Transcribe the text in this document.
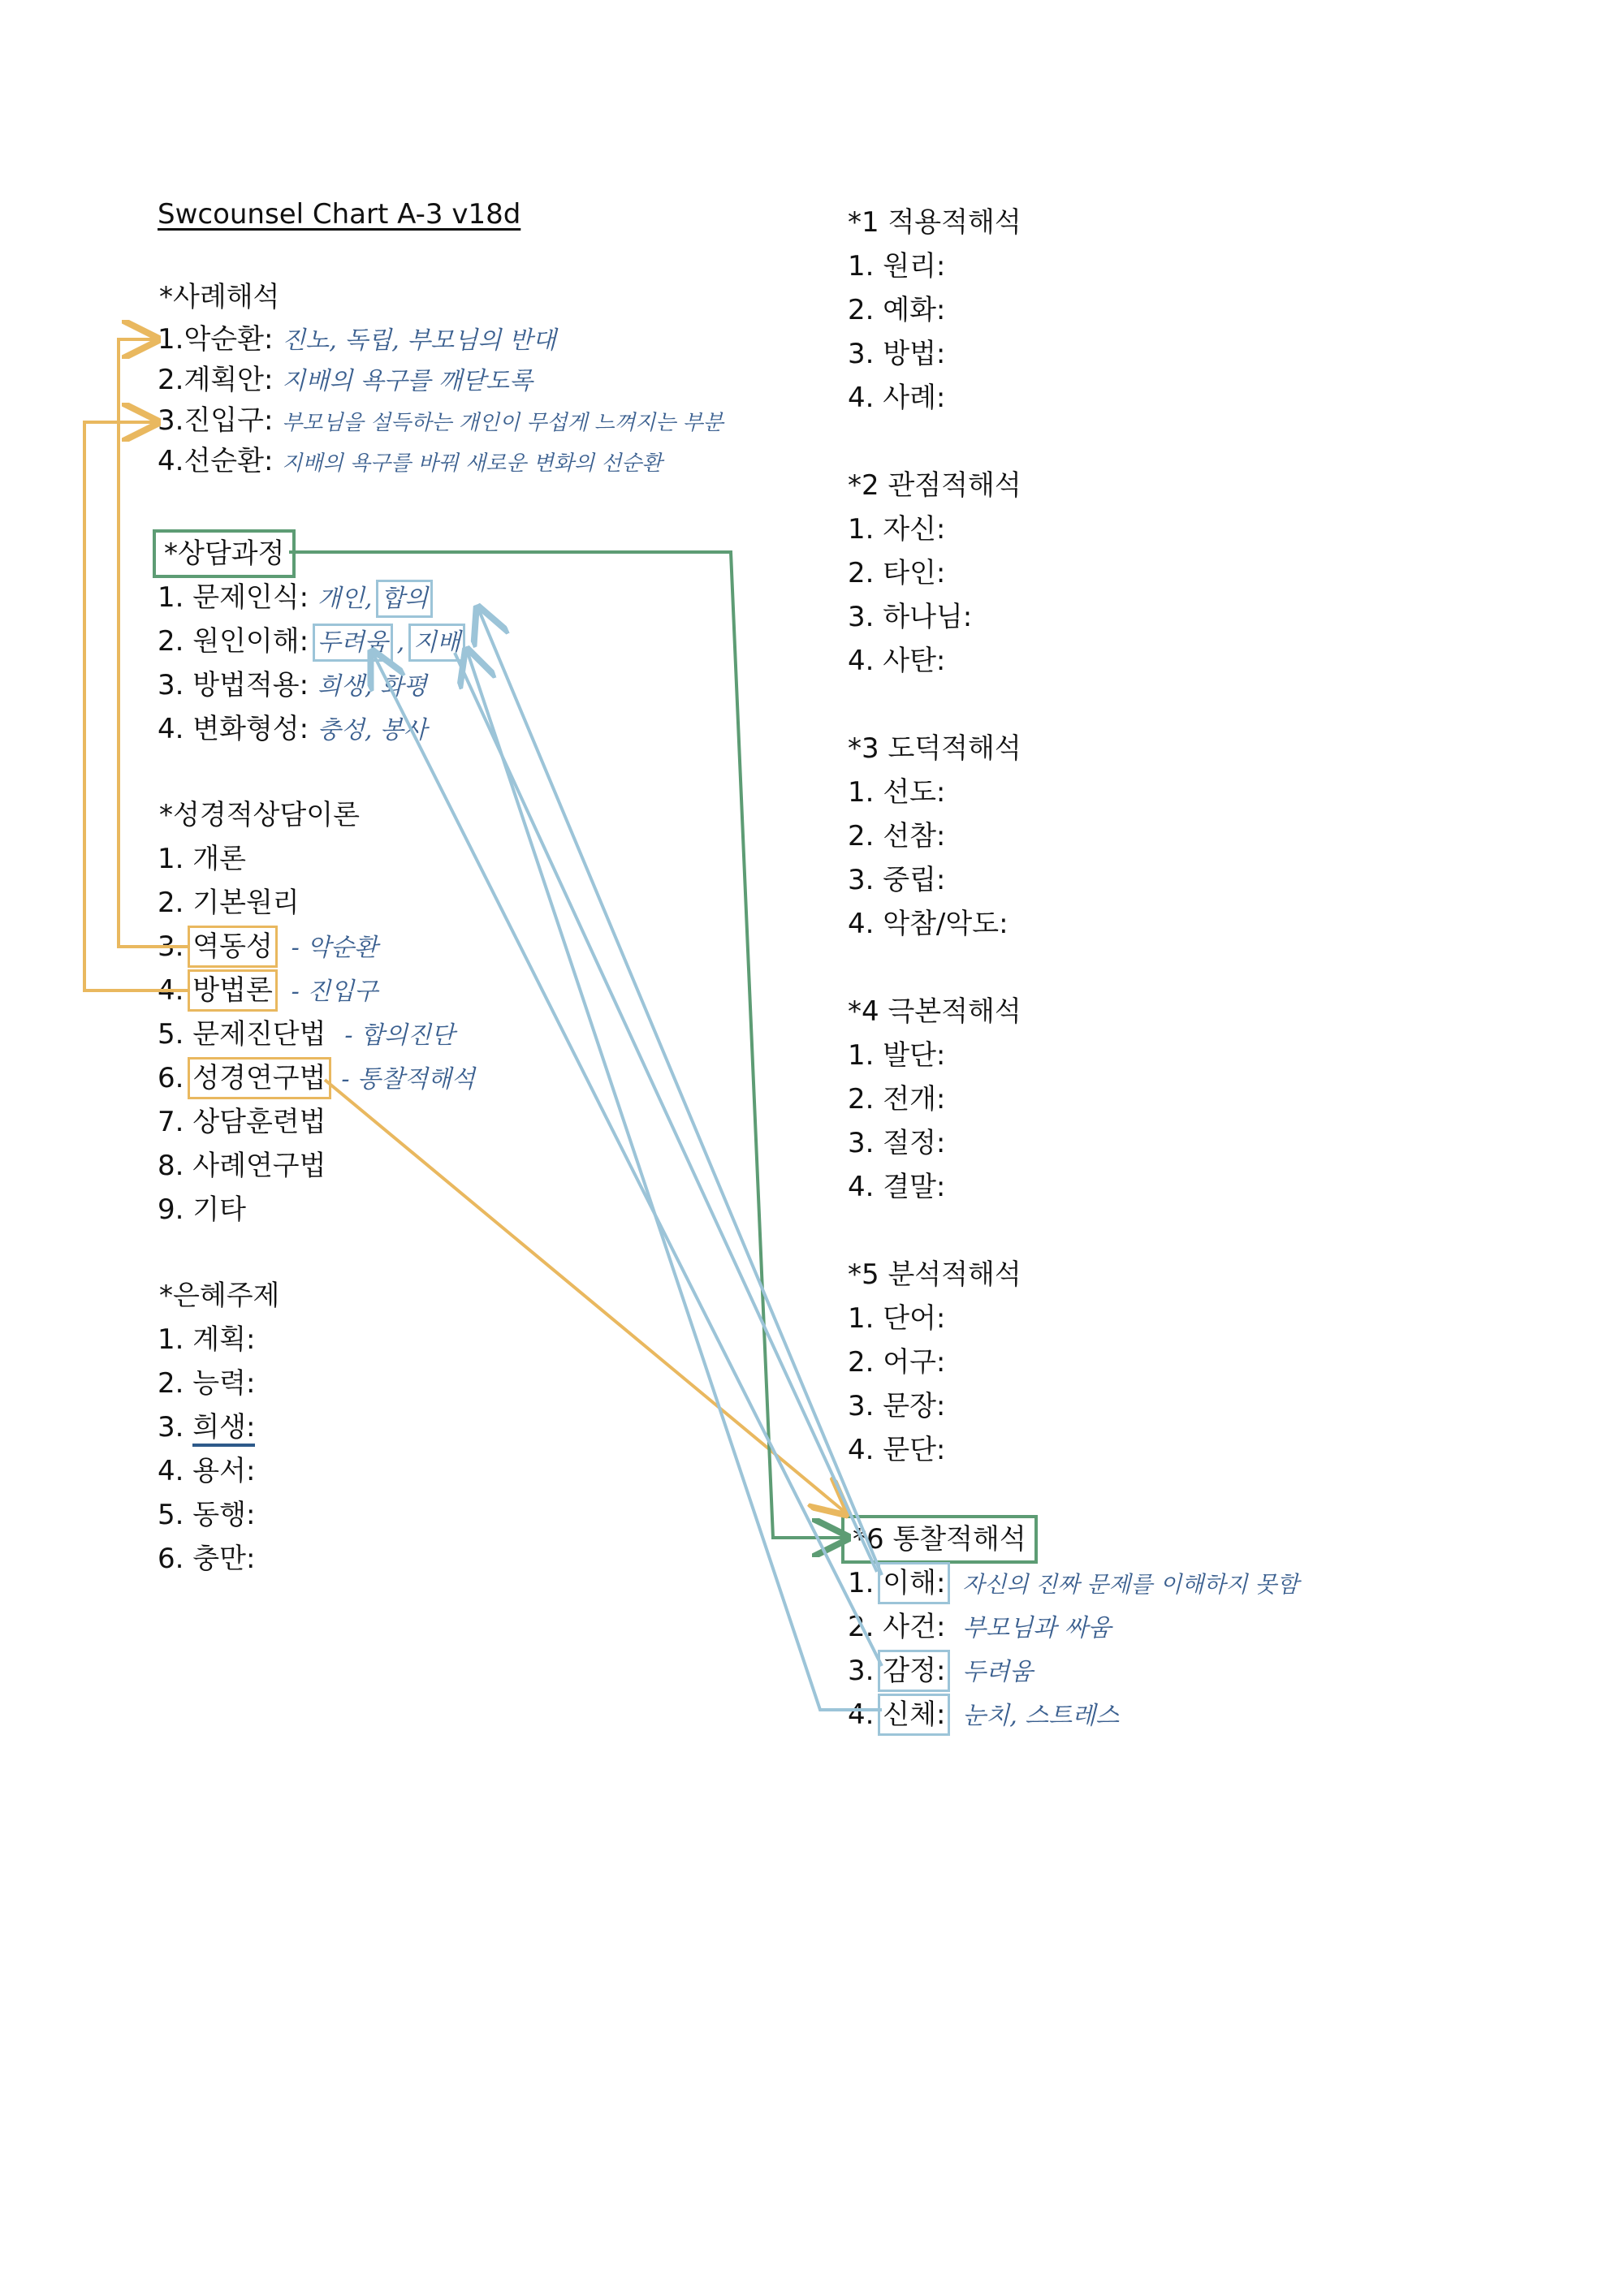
Swcounsel Chart A-3 v18d
*사례해석
1.악순환: 진노, 독립, 부모님의 반대
2.계획안: 지배의 욕구를 깨닫도록
3.진입구: 부모님을 설득하는 개인이 무섭게 느껴지는 부분
4.선순환: 지배의 욕구를 바꿔 새로운 변화의 선순환
*상담과정
1. 문제인식: 개인, 합의
2. 원인이해: 두려움 , 지배
3. 방법적용: 희생, 화평
4. 변화형성: 충성, 봉사
*성경적상담이론
1. 개론
2. 기본원리
3. 역동성 - 악순환
4. 방법론 - 진입구
5. 문제진단법 - 합의진단
6. 성경연구법 - 통찰적해석
7. 상담훈련법
8. 사례연구법
9. 기타
*은혜주제
1. 계획:
2. 능력:
3. 희생:
4. 용서:
5. 동행:
6. 충만:
*1 적용적해석
1. 원리:
2. 예화:
3. 방법:
4. 사례:
*2 관점적해석
1. 자신:
2. 타인:
3. 하나님:
4. 사탄:
*3 도덕적해석
1. 선도:
2. 선참:
3. 중립:
4. 악참/악도:
*4 극본적해석
1. 발단:
2. 전개:
3. 절정:
4. 결말:
*5 분석적해석
1. 단어:
2. 어구:
3. 문장:
4. 문단:
*6 통찰적해석
1. 이해: 자신의 진짜 문제를 이해하지 못함
2. 사건: 부모님과 싸움
3. 감정: 두려움
4. 신체: 눈치, 스트레스
